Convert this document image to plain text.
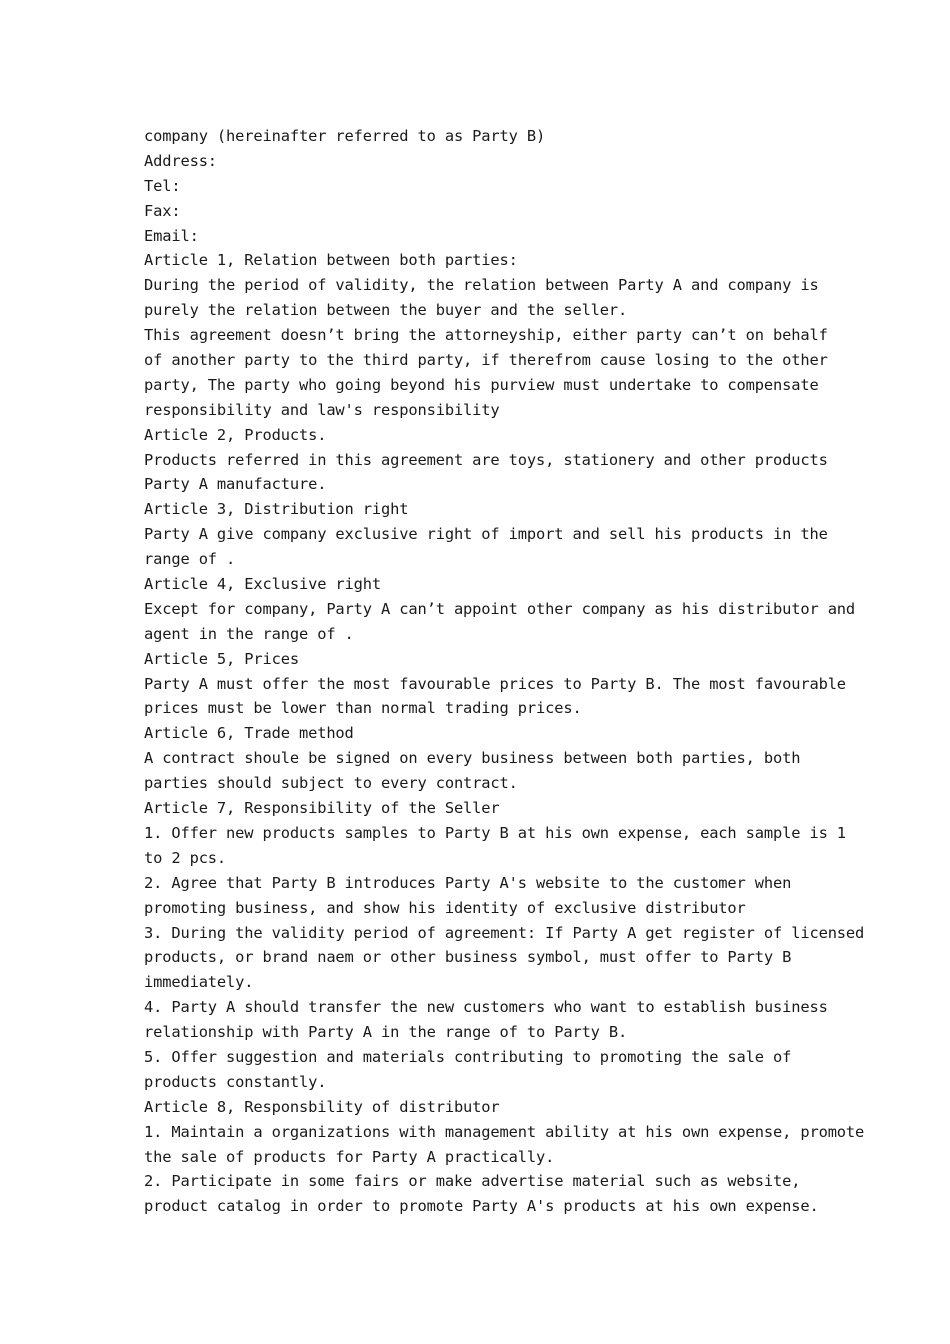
company (hereinafter referred to as Party B)
Address:
Tel:
Fax:
Email:
Article 1, Relation between both parties:
During the period of validity, the relation between Party A and company is
purely the relation between the buyer and the seller.
This agreement doesn’t bring the attorneyship, either party can’t on behalf
of another party to the third party, if therefrom cause losing to the other
party, The party who going beyond his purview must undertake to compensate
responsibility and law's responsibility
Article 2, Products.
Products referred in this agreement are toys, stationery and other products
Party A manufacture.
Article 3, Distribution right
Party A give company exclusive right of import and sell his products in the
range of .
Article 4, Exclusive right
Except for company, Party A can’t appoint other company as his distributor and
agent in the range of .
Article 5, Prices
Party A must offer the most favourable prices to Party B. The most favourable
prices must be lower than normal trading prices.
Article 6, Trade method
A contract shoule be signed on every business between both parties, both
parties should subject to every contract.
Article 7, Responsibility of the Seller
1. Offer new products samples to Party B at his own expense, each sample is 1
to 2 pcs.
2. Agree that Party B introduces Party A's website to the customer when
promoting business, and show his identity of exclusive distributor
3. During the validity period of agreement: If Party A get register of licensed
products, or brand naem or other business symbol, must offer to Party B
immediately.
4. Party A should transfer the new customers who want to establish business
relationship with Party A in the range of to Party B.
5. Offer suggestion and materials contributing to promoting the sale of
products constantly.
Article 8, Responsbility of distributor
1. Maintain a organizations with management ability at his own expense, promote
the sale of products for Party A practically.
2. Participate in some fairs or make advertise material such as website,
product catalog in order to promote Party A's products at his own expense.
